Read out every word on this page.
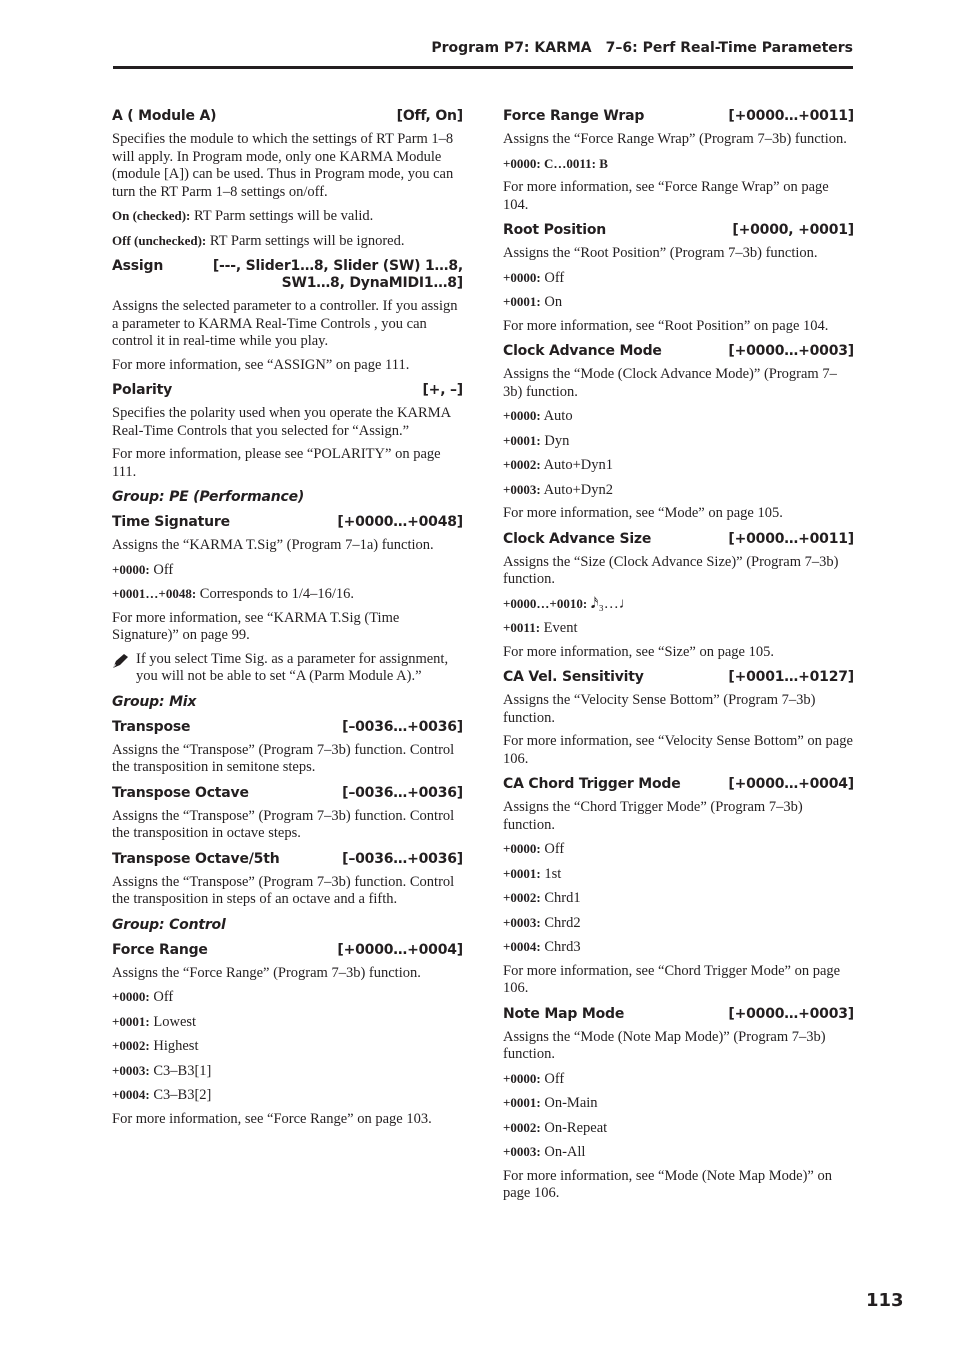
Program P7: KARMA 7–6: Perf Real-Time Parameters
A ( Module A)	[Off, On]

Specifies the module to which the settings of RT Parm 1–8 will apply. In Program mode, only one KARMA Module (module [A]) can be used. Thus in Program mode, you can turn the RT Parm 1–8 settings on/off.

On (checked): RT Parm settings will be valid.

Off (unchecked): RT Parm settings will be ignored.

Assign	[---, Slider1…8, Slider (SW) 1…8,
SW1…8, DynaMIDI1…8]

Assigns the selected parameter to a controller. If you assign a parameter to KARMA Real-Time Controls , you can control it in real-time while you play.

For more information, see “ASSIGN” on page 111.

Polarity	[+, –]

Specifies the polarity used when you operate the KARMA Real-Time Controls that you selected for “Assign.”

For more information, please see “POLARITY” on page 111.

Group: PE (Performance)
Time Signature	[+0000…+0048]

Assigns the “KARMA T.Sig” (Program 7–1a) function.

+0000: Off

+0001…+0048: Corresponds to 1/4–16/16.

For more information, see “KARMA T.Sig (Time Signature)” on page 99.

If you select Time Sig. as a parameter for assignment, you will not be able to set “A (Parm Module A).”

Group: Mix
Transpose	[–0036…+0036]

Assigns the “Transpose” (Program 7–3b) function. Control the transposition in semitone steps.

Transpose Octave	[–0036…+0036]

Assigns the “Transpose” (Program 7–3b) function. Control the transposition in octave steps.

Transpose Octave/5th	[–0036…+0036]

Assigns the “Transpose” (Program 7–3b) function. Control the transposition in steps of an octave and a fifth.

Group: Control
Force Range	[+0000…+0004]

Assigns the “Force Range” (Program 7–3b) function.

+0000: Off

+0001: Lowest

+0002: Highest

+0003: C3–B3[1]

+0004: C3–B3[2]

For more information, see “Force Range” on page 103.

Force Range Wrap	[+0000…+0011]

Assigns the “Force Range Wrap” (Program 7–3b) function.

+0000: C…0011: B

For more information, see “Force Range Wrap” on page 104.

Root Position	[+0000, +0001]

Assigns the “Root Position” (Program 7–3b) function.

+0000: Off

+0001: On

For more information, see “Root Position” on page 104.

Clock Advance Mode	[+0000…+0003]

Assigns the “Mode (Clock Advance Mode)” (Program 7–3b) function.

+0000: Auto

+0001: Dyn

+0002: Auto+Dyn1

+0003: Auto+Dyn2

For more information, see “Mode” on page 105.

Clock Advance Size	[+0000…+0011]

Assigns the “Size (Clock Advance Size)” (Program 7–3b) function.

+0000…+0010: 𝅘𝅥𝅯₃…♩

+0011: Event

For more information, see “Size” on page 105.

CA Vel. Sensitivity	[+0001…+0127]

Assigns the “Velocity Sense Bottom” (Program 7–3b) function.

For more information, see “Velocity Sense Bottom” on page 106.

CA Chord Trigger Mode	[+0000…+0004]

Assigns the “Chord Trigger Mode” (Program 7–3b) function.

+0000: Off

+0001: 1st

+0002: Chrd1

+0003: Chrd2

+0004: Chrd3

For more information, see “Chord Trigger Mode” on page 106.

Note Map Mode	[+0000…+0003]

Assigns the “Mode (Note Map Mode)” (Program 7–3b) function.

+0000: Off

+0001: On-Main

+0002: On-Repeat

+0003: On-All

For more information, see “Mode (Note Map Mode)” on page 106.

113
